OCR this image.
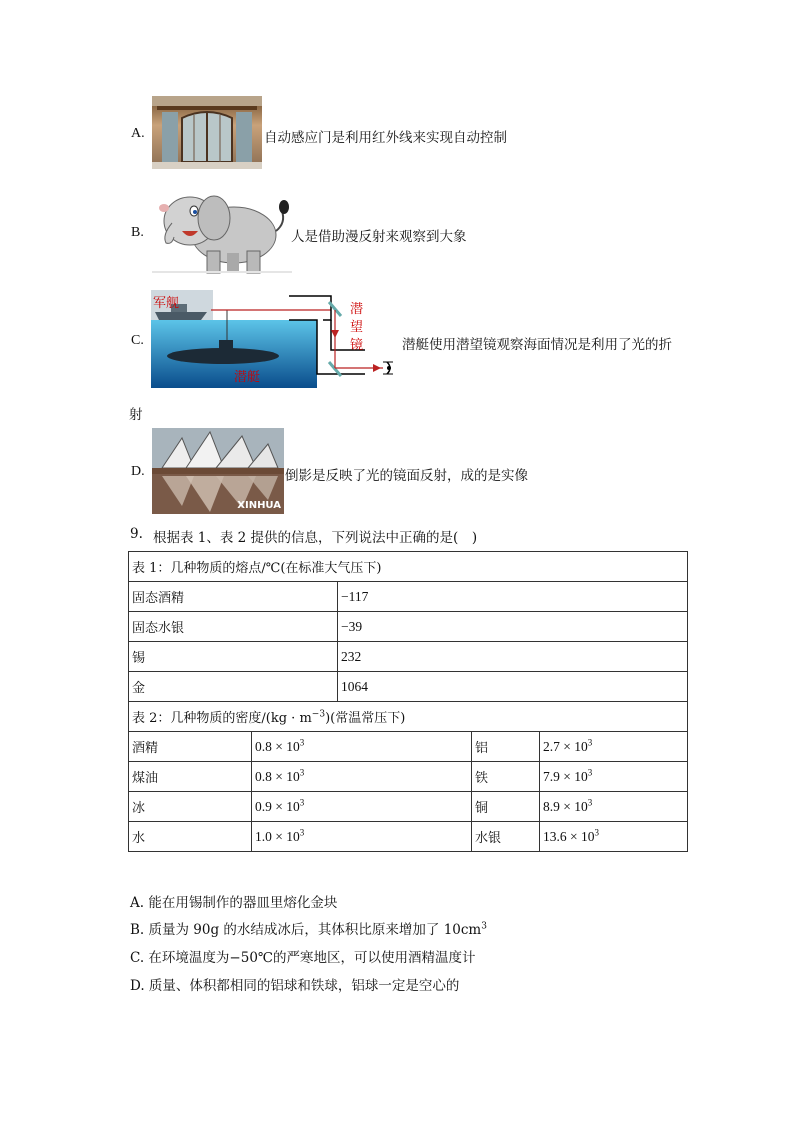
A.	自动感应门是利用红外线来实现自动控制
B.	人是借助漫反射来观察到大象
C.
军舰
潜艇
潜
望
镜	潜艇使用潜望镜观察海面情况是利用了光的折
射
D.
XINHUA
倒影是反映了光的镜面反射，成的是实像
9. 根据表 1、表 2 提供的信息，下列说法中正确的是(　)
表 1：几种物质的熔点/℃(在标准大气压下)				
固态酒精		−117		
固态水银		−39		
锡		232		
金		1064		
表 2：几种物质的密度$/(kg \cdot m^{-3})$(常温常压下)				
酒精	$0.8 \times 10^3$		铝	$2.7 \times 10^3$
煤油	$0.8 \times 10^3$		铁	$7.9 \times 10^3$
冰	$0.9 \times 10^3$		铜	$8.9 \times 10^3$
水	$1.0 \times 10^3$		水银	$13.6 \times 10^3$
A. 能在用锡制作的器皿里熔化金块
B. 质量为 90g 的水结成冰后，其体积比原来增加了 $10cm^3$
C. 在环境温度为−50℃的严寒地区，可以使用酒精温度计
D. 质量、体积都相同的铝球和铁球，铝球一定是空心的
